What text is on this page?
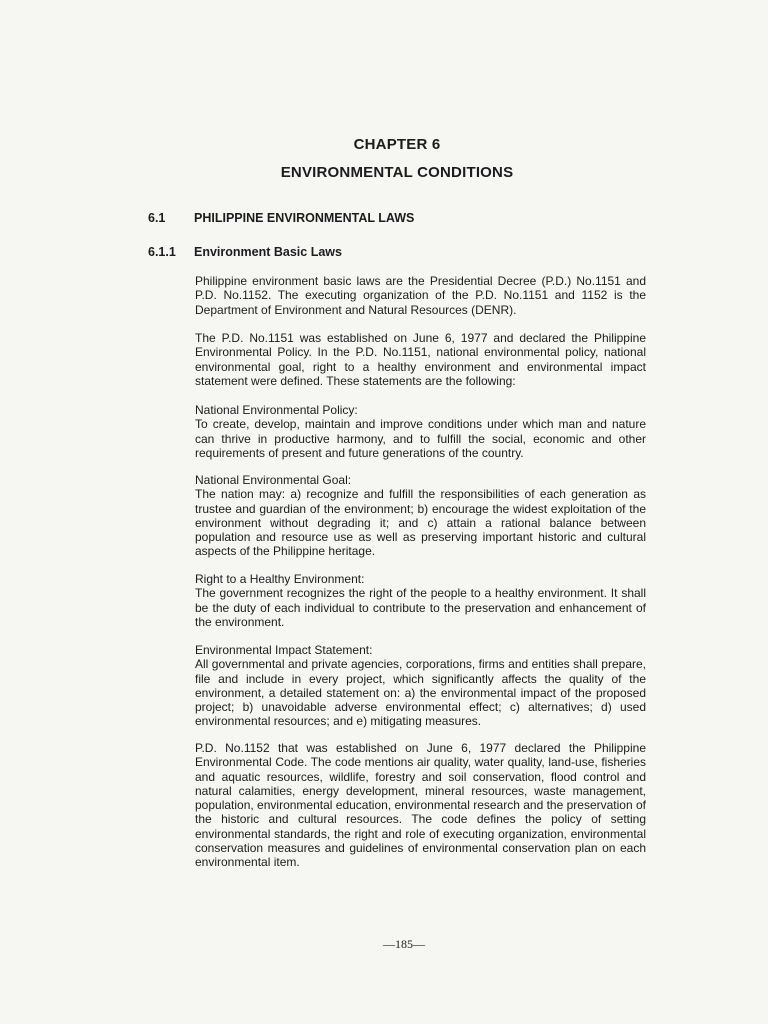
CHAPTER 6
ENVIRONMENTAL CONDITIONS
6.1 PHILIPPINE ENVIRONMENTAL LAWS
6.1.1 Environment Basic Laws

Philippine environment basic laws are the Presidential Decree (P.D.) No.1151 and P.D. No.1152. The executing organization of the P.D. No.1151 and 1152 is the Department of Environment and Natural Resources (DENR).

The P.D. No.1151 was established on June 6, 1977 and declared the Philippine Environmental Policy. In the P.D. No.1151, national environmental policy, national environmental goal, right to a healthy environment and environmental impact statement were defined. These statements are the following:

National Environmental Policy:

To create, develop, maintain and improve conditions under which man and nature can thrive in productive harmony, and to fulfill the social, economic and other requirements of present and future generations of the country.

National Environmental Goal:

The nation may: a) recognize and fulfill the responsibilities of each generation as trustee and guardian of the environment; b) encourage the widest exploitation of the environment without degrading it; and c) attain a rational balance between population and resource use as well as preserving important historic and cultural aspects of the Philippine heritage.

Right to a Healthy Environment:

The government recognizes the right of the people to a healthy environment. It shall be the duty of each individual to contribute to the preservation and enhancement of the environment.

Environmental Impact Statement:

All governmental and private agencies, corporations, firms and entities shall prepare, file and include in every project, which significantly affects the quality of the environment, a detailed statement on: a) the environmental impact of the proposed project; b) unavoidable adverse environmental effect; c) alternatives; d) used environmental resources; and e) mitigating measures.

P.D. No.1152 that was established on June 6, 1977 declared the Philippine Environmental Code. The code mentions air quality, water quality, land-use, fisheries and aquatic resources, wildlife, forestry and soil conservation, flood control and natural calamities, energy development, mineral resources, waste management, population, environmental education, environmental research and the preservation of the historic and cultural resources. The code defines the policy of setting environmental standards, the right and role of executing organization, environmental conservation measures and guidelines of environmental conservation plan on each environmental item.

—185—
